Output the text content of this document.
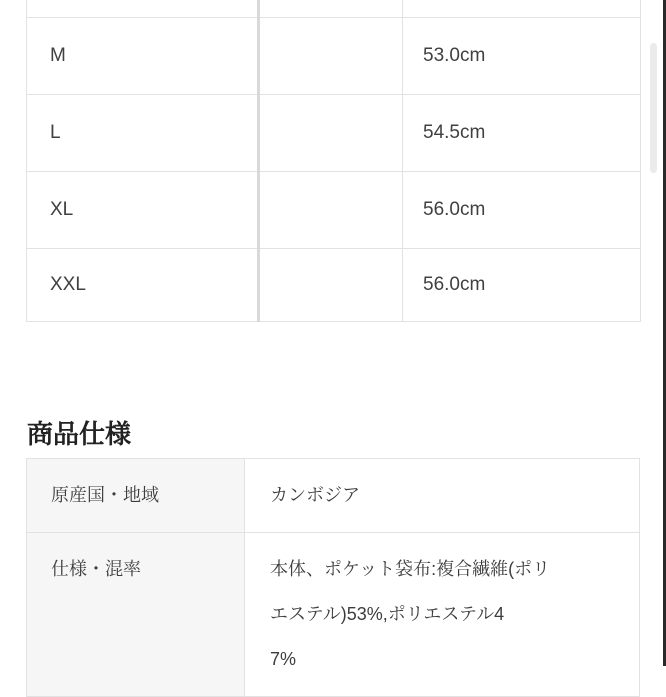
M		53.0cm
L		54.5cm
XL		56.0cm
XXL		56.0cm
商品仕様
原産国・地域	カンボジア

仕様・混率	本体、ポケット袋布:複合繊維(ポリ
エステル)53%,ポリエステル4
7%
